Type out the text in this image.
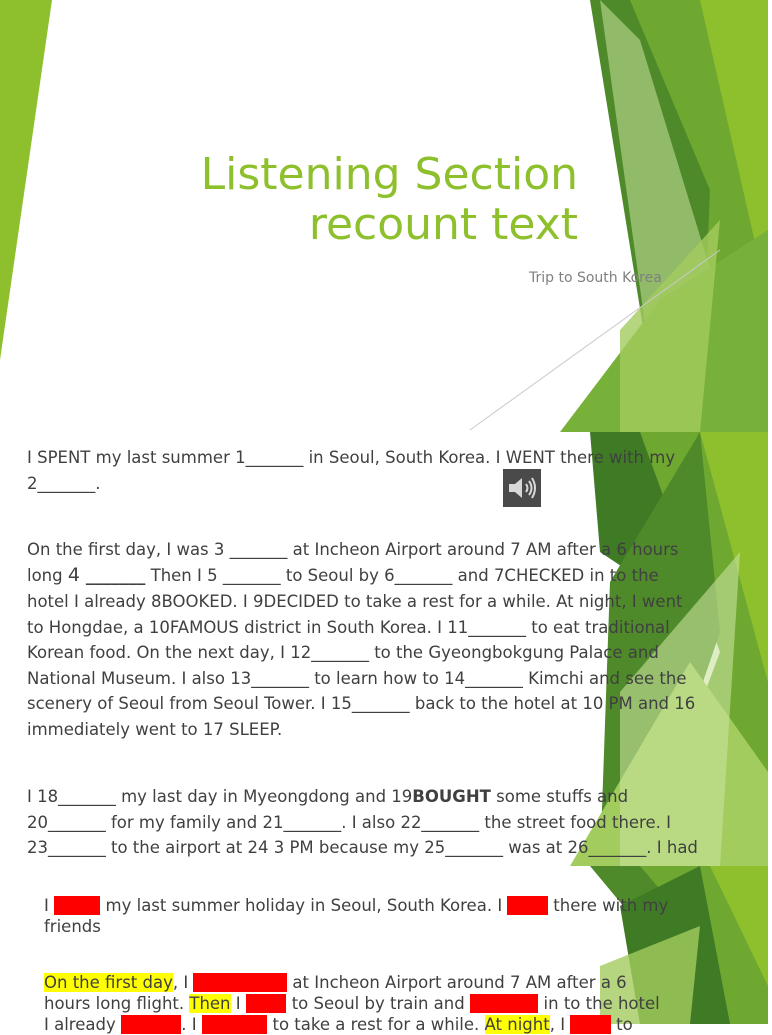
Listening Section
recount text
Trip to South Korea

I SPENT my last summer 1_______ in Seoul, South Korea. I WENT there with my
2_______.

On the first day, I was 3 _______ at Incheon Airport around 7 AM after a 6 hours
long 4 _______ Then I 5 _______ to Seoul by 6_______ and 7CHECKED in to the
hotel I already 8BOOKED. I 9DECIDED to take a rest for a while. At night, I went
to Hongdae, a 10FAMOUS district in South Korea. I 11_______ to eat traditional
Korean food. On the next day, I 12_______ to the Gyeongbokgung Palace and
National Museum. I also 13_______ to learn how to 14_______ Kimchi and see the
scenery of Seoul from Seoul Tower. I 15_______ back to the hotel at 10 PM and 16
immediately went to 17 SLEEP.

I 18_______ my last day in Myeongdong and 19BOUGHT some stuffs and
20_______ for my family and 21_______. I also 22_______ the street food there. I
23_______ to the airport at 24 3 PM because my 25_______ was at 26_______. I had

I spent my last summer holiday in Seoul, South Korea. I went there with my
friends

On the first day, I was landed at Incheon Airport around 7 AM after a 6
hours long flight. Then I went to Seoul by train and checked in to the hotel
I already booked. I decided to take a rest for a while. At night, I went to
